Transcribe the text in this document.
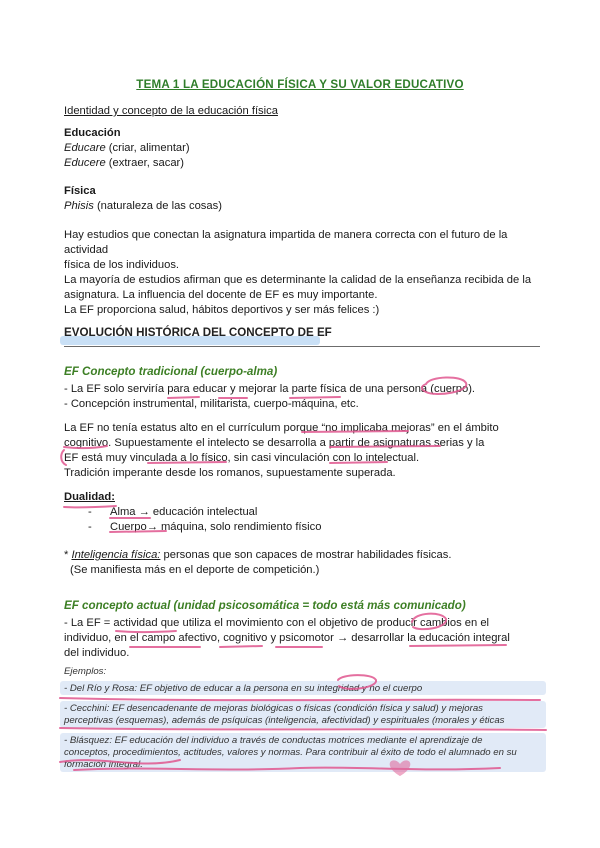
TEMA 1 LA EDUCACIÓN FÍSICA Y SU VALOR EDUCATIVO

Identidad y concepto de la educación física

Educación

Educare (criar, alimentar)

Educere (extraer, sacar)

Física

Phisis (naturaleza de las cosas)

Hay estudios que conectan la asignatura impartida de manera correcta con el futuro de la actividad

física de los individuos.

La mayoría de estudios afirman que es determinante la calidad de la enseñanza recibida de la

asignatura. La influencia del docente de EF es muy importante.

La EF proporciona salud, hábitos deportivos y ser más felices :)

EVOLUCIÓN HISTÓRICA DEL CONCEPTO DE EF

EF Concepto tradicional (cuerpo-alma)

- La EF solo serviría para educar y mejorar la parte física de una persona (cuerpo).

- Concepción instrumental, militarista, cuerpo-máquina, etc.

La EF no tenía estatus alto en el currículum porque “no implicaba mejoras” en el ámbito

cognitivo. Supuestamente el intelecto se desarrolla a partir de asignaturas serias y la

EF está muy vinculada a lo físico, sin casi vinculación con lo intelectual.

Tradición imperante desde los romanos, supuestamente superada.

Dualidad:

- Alma → educación intelectual

- Cuerpo→ máquina, solo rendimiento físico

* Inteligencia física: personas que son capaces de mostrar habilidades físicas.

(Se manifiesta más en el deporte de competición.)

EF concepto actual (unidad psicosomática = todo está más comunicado)

- La EF = actividad que utiliza el movimiento con el objetivo de producir cambios en el

individuo, en el campo afectivo, cognitivo y psicomotor → desarrollar la educación integral

del individuo.

Ejemplos:

- Del Río y Rosa: EF objetivo de educar a la persona en su integridad y no el cuerpo

- Cecchini: EF desencadenante de mejoras biológicas o físicas (condición física y salud) y mejoras

perceptivas (esquemas), además de psíquicas (inteligencia, afectividad) y espirituales (morales y éticas

- Blásquez: EF educación del individuo a través de conductas motrices mediante el aprendizaje de

conceptos, procedimientos, actitudes, valores y normas. Para contribuir al éxito de todo el alumnado en su

formación integral.
